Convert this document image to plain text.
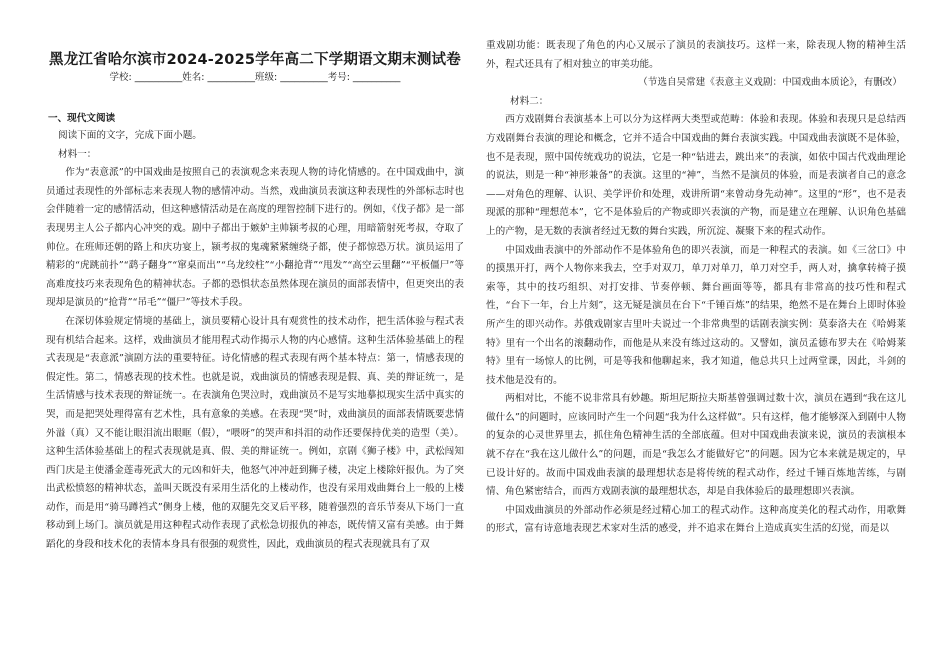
黑龙江省哈尔滨市2024-2025学年高二下学期语文期末测试卷
学校: __________姓名: __________班级: __________考号: __________
一、现代文阅读

阅读下面的文字，完成下面小题。

材料一：

作为“表意派”的中国戏曲是按照自己的表演观念来表现人物的诗化情感的。在中国戏曲中，演员通过表现性的外部标志来表现人物的感情冲动。当然，戏曲演员表演这种表现性的外部标志时也会伴随着一定的感情活动，但这种感情活动是在高度的理智控制下进行的。例如，《伐子都》是一部表现男主人公子都内心冲突的戏。剧中子都出于嫉妒主帅颍考叔的心理，用暗箭射死考叔，夺取了帅位。在班师还朝的路上和庆功宴上，颍考叔的鬼魂紧紧缠绕子都，使子都惊恐万状。演员运用了精彩的“虎跳前扑”“鹞子翻身”“窜桌而出”“乌龙绞柱”“小翻抢背”“甩发”“高空云里翻”“平板僵尸”等高难度技巧来表现角色的精神状态。子都的恐惧状态虽然体现在演员的面部表情中，但更突出的表现却是演员的“抢背”“吊毛”“僵尸”等技术手段。

在深切体验规定情境的基础上，演员要精心设计具有观赏性的技术动作，把生活体验与程式表现有机结合起来。这样，戏曲演员才能用程式动作揭示人物的内心感情。这种生活体验基础上的程式表现是“表意派”演剧方法的重要特征。诗化情感的程式表现有两个基本特点：第一，情感表现的假定性。第二，情感表现的技术性。也就是说，戏曲演员的情感表现是假、真、美的辩证统一，是生活情感与技术表现的辩证统一。在表演角色哭泣时，戏曲演员不是写实地摹拟现实生活中真实的哭，而是把哭处理得富有艺术性，具有意象的美感。在表现“哭”时，戏曲演员的面部表情既要悲情外溢（真）又不能让眼泪流出眼眶（假），“喂呀”的哭声和抖泪的动作还要保持优美的造型（美）。这种生活体验基础上的程式表现就是真、假、美的辩证统一。例如，京剧《狮子楼》中，武松闯知西门庆是主使潘金莲毒死武大的元凶和奸夫，他怒气冲冲赶到狮子楼，决定上楼除奸报仇。为了突出武松愤怒的精神状态，盖叫天既没有采用生活化的上楼动作，也没有采用戏曲舞台上一般的上楼动作，而是用“骑马蹲裆式”侧身上楼，他的双腿先交叉后平移，随着强烈的音乐节奏从下场门一直移动到上场门。演员就是用这种程式动作表现了武松急切报仇的神态，既传情又富有美感。由于舞蹈化的身段和技术化的表情本身具有很强的观赏性，因此，戏曲演员的程式表现就具有了双

重戏剧功能：既表现了角色的内心又展示了演员的表演技巧。这样一来，除表现人物的精神生活外，程式还具有了相对独立的审美功能。

（节选自吴常建《表意主义戏剧：中国戏曲本质论》，有删改）

材料二：

西方戏剧舞台表演基本上可以分为这样两大类型或范畴：体验和表现。体验和表现只是总结西方戏剧舞台表演的理论和概念，它并不适合中国戏曲的舞台表演实践。中国戏曲表演既不是体验，也不是表现，照中国传统戏功的说法，它是一种“钻进去，跳出来”的表演，如依中国古代戏曲理论的说法，则是一种“神形兼备”的表演。这里的“神”，当然不是演员的体验，而是表演者自己的意念——对角色的理解、认识、美学评价和处理，戏讲所谓“来曾动身先动神”。这里的“形”，也不是表现派的那种“理想范本”，它不是体验后的产物或即兴表演的产物，而是建立在理解、认识角色基础上的产物，是无数的表演者经过无数的舞台实践，所沉淀、凝聚下来的程式动作。

中国戏曲表演中的外部动作不是体验角色的即兴表演，而是一种程式的表演。如《三岔口》中的摸黑开打，两个人物你来我去，空手对双刀，单刀对单刀，单刀对空手，两人对，擒拿转椅子摸索等，其中的技巧组织、对打安排、节奏停顿、舞台画面等等，都具有非常高的技巧性和程式性，“台下一年，台上片刻”，这无疑是演员在台下“千锤百炼”的结果，绝然不是在舞台上即时体验所产生的即兴动作。苏俄戏剧家吉里叶夫说过一个非常典型的话剧表演实例：莫泰洛夫在《哈姆莱特》里有一个出名的滚翻动作，而他是从来没有练过这动的。又譬如，演员孟德布罗夫在《哈姆莱特》里有一场惊人的比例，可是等我和他聊起来，我才知道，他总共只上过两堂课，因此，斗剑的技术他是没有的。

两相对比，不能不说非常具有妙趣。斯坦尼斯拉夫斯基曾强调过数十次，演员在遇到“我在这儿做什么”的问题时，应该同时产生一个问题“我为什么这样做”。只有这样，他才能够深入到剧中人物的复杂的心灵世界里去，抓住角色精神生活的全部底蕴。但对中国戏曲表演来说，演员的表演根本就不存在“我在这儿做什么”的问题，而是“我怎么才能做好它”的问题。因为它本来就是规定的，早已设计好的。故而中国戏曲表演的最理想状态是将传统的程式动作，经过千锤百炼地苦练，与剧情、角色紧密结合，而西方戏剧表演的最理想状态，却是自我体验后的最理想即兴表演。

中国戏曲演员的外部动作必须是经过精心加工的程式动作。这种高度美化的程式动作，用歌舞的形式，富有诗意地表现艺术家对生活的感受，并不追求在舞台上造成真实生活的幻觉，而是以
